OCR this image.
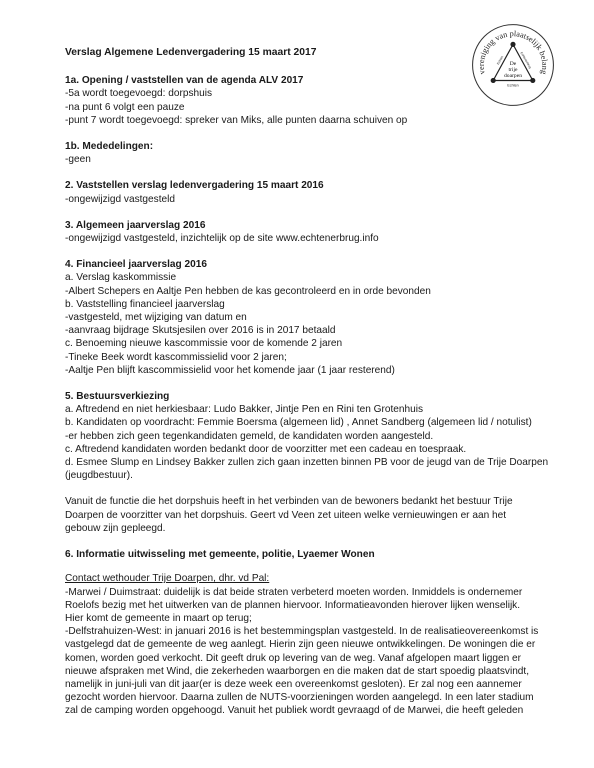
vereniging van plaatselijk belang
Echten	Echtenerbrug
Echten
De
trije
doarpen

Verslag Algemene Ledenvergadering 15 maart 2017

1a. Opening / vaststellen van de agenda ALV 2017

-5a wordt toegevoegd: dorpshuis

-na punt 6 volgt een pauze

-punt 7 wordt toegevoegd: spreker van Miks, alle punten daarna schuiven op

1b. Mededelingen:

-geen

2. Vaststellen verslag ledenvergadering 15 maart 2016

-ongewijzigd vastgesteld

3. Algemeen jaarverslag 2016

-ongewijzigd vastgesteld, inzichtelijk op de site www.echtenerbrug.info

4. Financieel jaarverslag 2016

a. Verslag kaskommissie

-Albert Schepers en Aaltje Pen hebben de kas gecontroleerd en in orde bevonden

b. Vaststelling financieel jaarverslag

-vastgesteld, met wijziging van datum en

-aanvraag bijdrage Skutsjesilen over 2016 is in 2017 betaald

c. Benoeming nieuwe kascommissie voor de komende 2 jaren

-Tineke Beek wordt kascommissielid voor 2 jaren;

-Aaltje Pen blijft kascommissielid voor het komende jaar (1 jaar resterend)

5. Bestuursverkiezing

a. Aftredend en niet herkiesbaar: Ludo Bakker, Jintje Pen en Rini ten Grotenhuis

b. Kandidaten op voordracht: Femmie Boersma (algemeen lid) , Annet Sandberg (algemeen lid / notulist)

-er hebben zich geen tegenkandidaten gemeld, de kandidaten worden aangesteld.

c. Aftredend kandidaten worden bedankt door de voorzitter met een cadeau en toespraak.

d. Esmee Slump en Lindsey Bakker zullen zich gaan inzetten binnen PB voor de jeugd van de Trije Doarpen

(jeugdbestuur).

Vanuit de functie die het dorpshuis heeft in het verbinden van de bewoners bedankt het bestuur Trije

Doarpen de voorzitter van het dorpshuis. Geert vd Veen zet uiteen welke vernieuwingen er aan het

gebouw zijn gepleegd.

6. Informatie uitwisseling met gemeente, politie, Lyaemer Wonen

Contact wethouder Trije Doarpen, dhr. vd Pal:

-Marwei / Duimstraat: duidelijk is dat beide straten verbeterd moeten worden. Inmiddels is ondernemer

Roelofs bezig met het uitwerken van de plannen hiervoor. Informatieavonden hierover lijken wenselijk.

Hier komt de gemeente in maart op terug;

-Delfstrahuizen-West: in januari 2016 is het bestemmingsplan vastgesteld. In de realisatieovereenkomst is

vastgelegd dat de gemeente de weg aanlegt. Hierin zijn geen nieuwe ontwikkelingen. De woningen die er

komen, worden goed verkocht. Dit geeft druk op levering van de weg. Vanaf afgelopen maart liggen er

nieuwe afspraken met Wind, die zekerheden waarborgen en die maken dat de start spoedig plaatsvindt,

namelijk in juni-juli van dit jaar(er is deze week een overeenkomst gesloten). Er zal nog een aannemer

gezocht worden hiervoor. Daarna zullen de NUTS-voorzieningen worden aangelegd. In een later stadium

zal de camping worden opgehoogd. Vanuit het publiek wordt gevraagd of de Marwei, die heeft geleden
